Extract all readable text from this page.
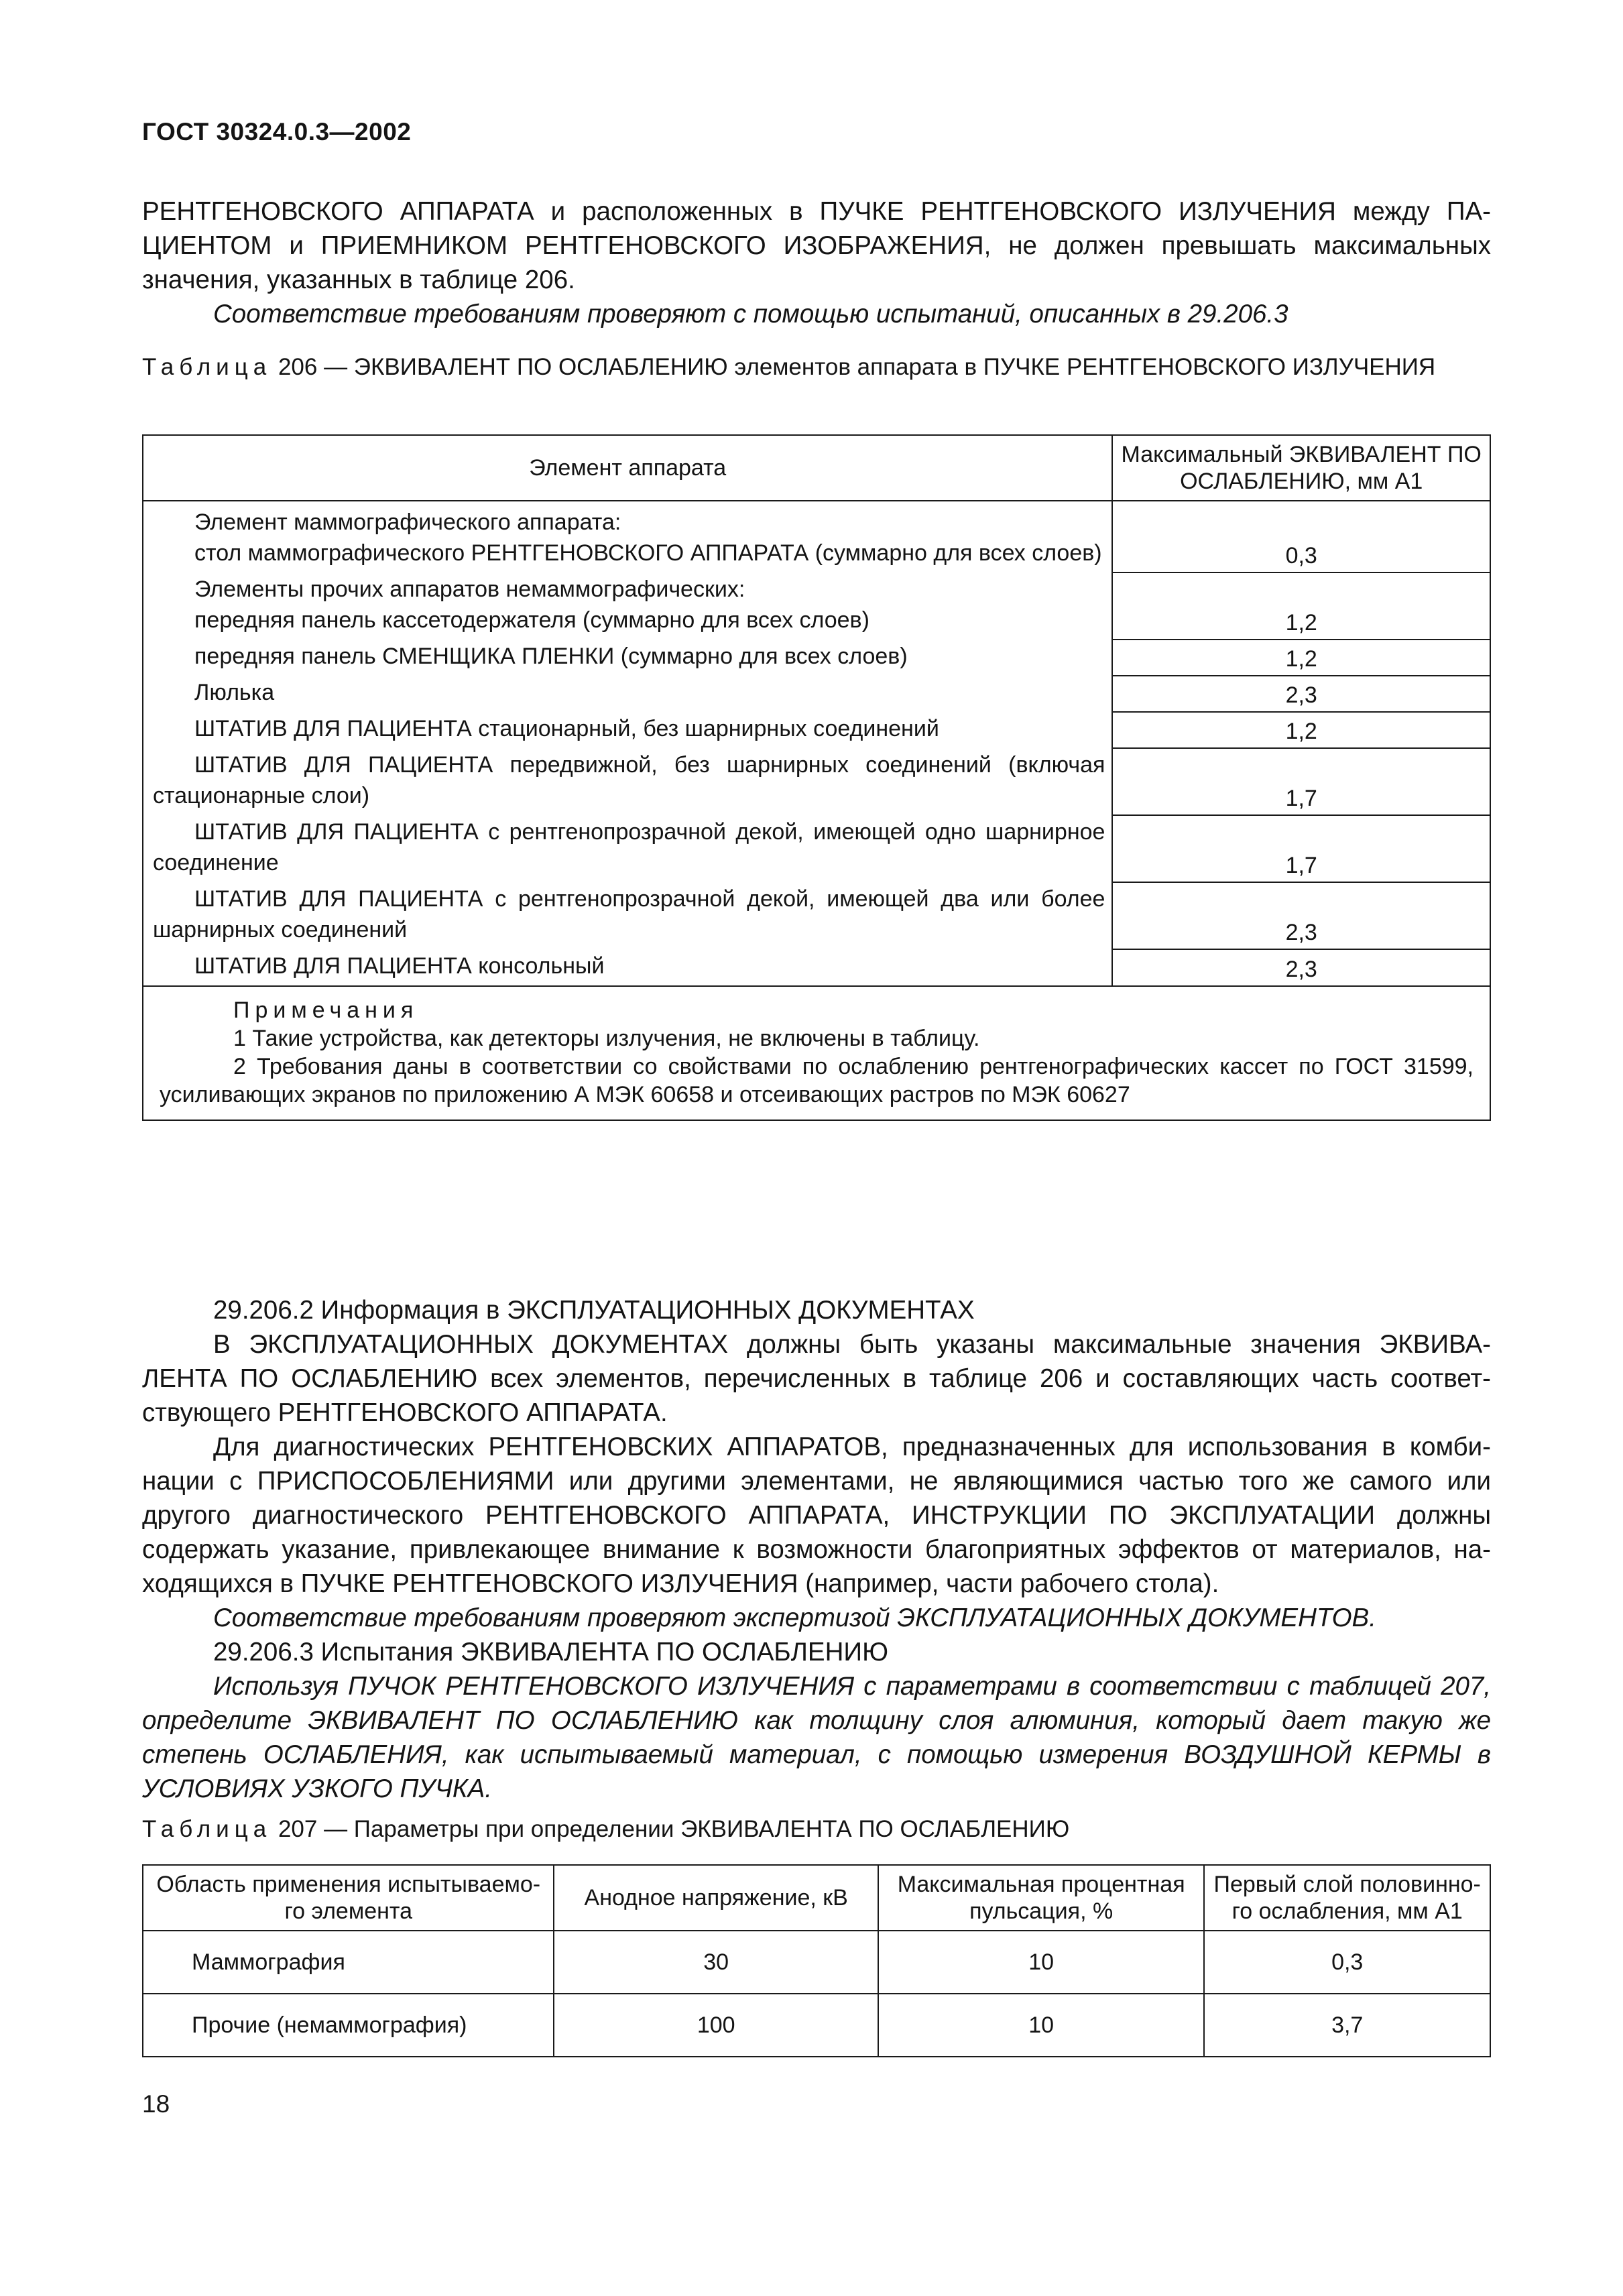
ГОСТ 30324.0.3—2002

РЕНТГЕНОВСКОГО АППАРАТА и расположенных в ПУЧКЕ РЕНТГЕНОВСКОГО ИЗЛУЧЕНИЯ между ПА- ЦИЕНТОМ и ПРИЕМНИКОМ РЕНТГЕНОВСКОГО ИЗОБРАЖЕНИЯ, не должен превышать максимальных значения, указанных в таблице 206.

Соответствие требованиям проверяют с помощью испытаний, описанных в 29.206.3

Таблица 206 — ЭКВИВАЛЕНТ ПО ОСЛАБЛЕНИЮ элементов аппарата в ПУЧКЕ РЕНТГЕНОВСКОГО ИЗЛУЧЕНИЯ
Элемент аппарата	Максимальный ЭКВИВАЛЕНТ ПО ОСЛАБЛЕНИЮ, мм А1

Элемент маммографического аппарата:
стол маммографического РЕНТГЕНОВСКОГО АППАРАТА (суммарно для всех слоев)	0,3

Элементы прочих аппаратов немаммографических:
передняя панель кассетодержателя (суммарно для всех слоев)	1,2
передняя панель СМЕНЩИКА ПЛЕНКИ (суммарно для всех слоев)	1,2
Люлька	2,3
ШТАТИВ ДЛЯ ПАЦИЕНТА стационарный, без шарнирных соединений	1,2
ШТАТИВ ДЛЯ ПАЦИЕНТА передвижной, без шарнирных соединений (включая стационарные слои)	1,7
ШТАТИВ ДЛЯ ПАЦИЕНТА с рентгенопрозрачной декой, имеющей одно шарнирное соединение	1,7
ШТАТИВ ДЛЯ ПАЦИЕНТА с рентгенопрозрачной декой, имеющей два или более шарнирных соединений	2,3
ШТАТИВ ДЛЯ ПАЦИЕНТА консольный	2,3

Примечания
1 Такие устройства, как детекторы излучения, не включены в таблицу.
2 Требования даны в соответствии со свойствами по ослаблению рентгенографических кассет по ГОСТ 31599, усиливающих экранов по приложению А МЭК 60658 и отсеивающих растров по МЭК 60627	

29.206.2 Информация в ЭКСПЛУАТАЦИОННЫХ ДОКУМЕНТАХ

В ЭКСПЛУАТАЦИОННЫХ ДОКУМЕНТАХ должны быть указаны максимальные значения ЭКВИВА- ЛЕНТА ПО ОСЛАБЛЕНИЮ всех элементов, перечисленных в таблице 206 и составляющих часть соответ- ствующего РЕНТГЕНОВСКОГО АППАРАТА.

Для диагностических РЕНТГЕНОВСКИХ АППАРАТОВ, предназначенных для использования в комби- нации с ПРИСПОСОБЛЕНИЯМИ или другими элементами, не являющимися частью того же самого или другого диагностического РЕНТГЕНОВСКОГО АППАРАТА, ИНСТРУКЦИИ ПО ЭКСПЛУАТАЦИИ должны содержать указание, привлекающее внимание к возможности благоприятных эффектов от материалов, на- ходящихся в ПУЧКЕ РЕНТГЕНОВСКОГО ИЗЛУЧЕНИЯ (например, части рабочего стола).

Соответствие требованиям проверяют экспертизой ЭКСПЛУАТАЦИОННЫХ ДОКУМЕНТОВ.

29.206.3 Испытания ЭКВИВАЛЕНТА ПО ОСЛАБЛЕНИЮ

Используя ПУЧОК РЕНТГЕНОВСКОГО ИЗЛУЧЕНИЯ с параметрами в соответствии с таблицей 207, определите ЭКВИВАЛЕНТ ПО ОСЛАБЛЕНИЮ как толщину слоя алюминия, который дает такую же степень ОСЛАБЛЕНИЯ, как испытываемый материал, с помощью измерения ВОЗДУШНОЙ КЕРМЫ в УСЛОВИЯХ УЗКОГО ПУЧКА.

Таблица 207 — Параметры при определении ЭКВИВАЛЕНТА ПО ОСЛАБЛЕНИЮ
Область применения испытываемо- го элемента	Анодное напряжение, кВ	Максимальная процентная пульсация, %	Первый слой половинно- го ослабления, мм А1
Маммография	30	10	0,3
Прочие (немаммография)	100	10	3,7
18
